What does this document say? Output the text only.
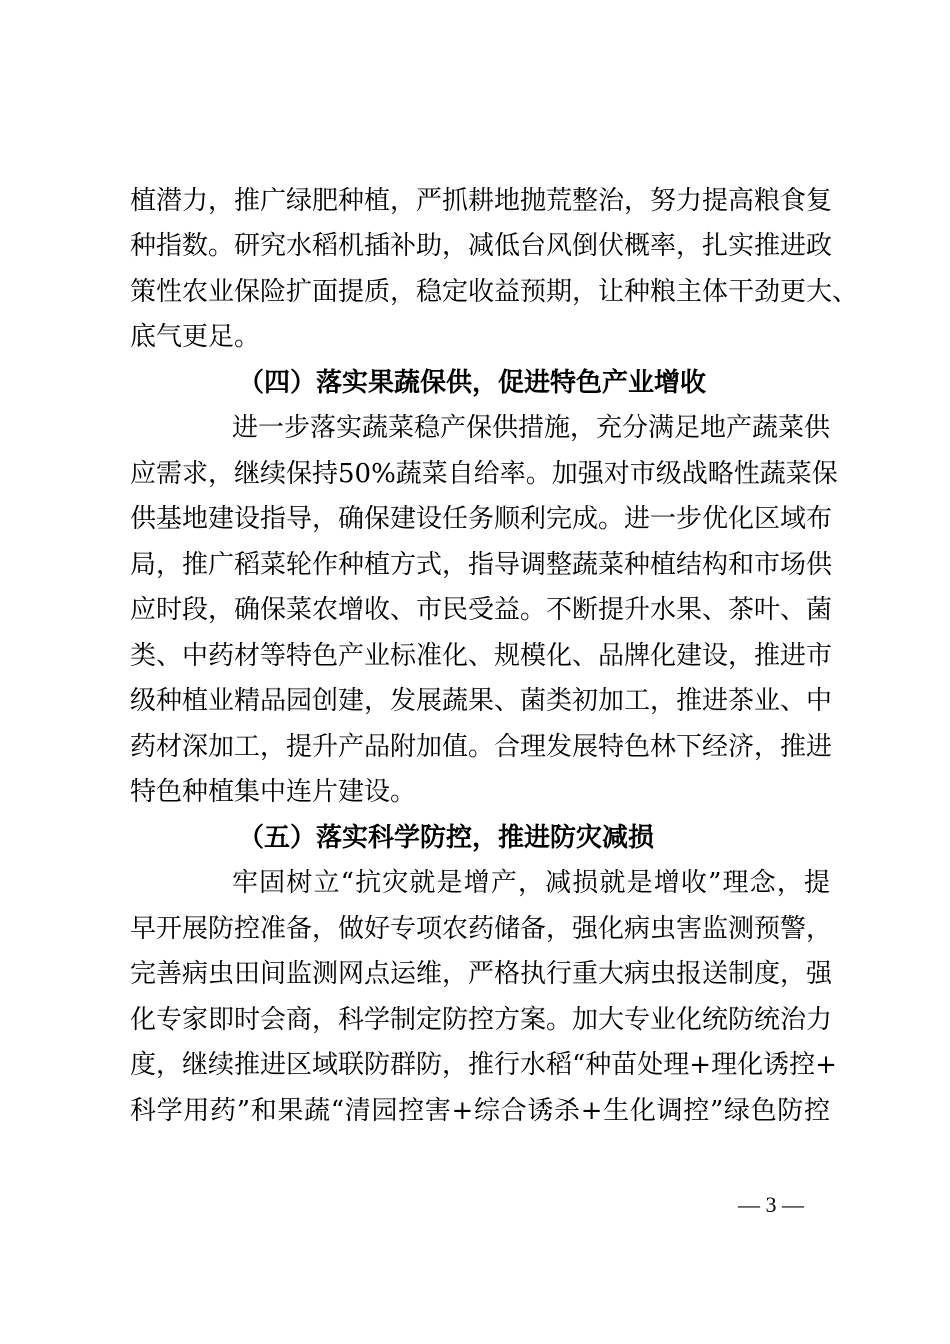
植潜力，推广绿肥种植，严抓耕地抛荒整治，努力提高粮食复
种指数。研究水稻机插补助，减低台风倒伏概率，扎实推进政
策性农业保险扩面提质，稳定收益预期，让种粮主体干劲更大、
底气更足。
（四）落实果蔬保供，促进特色产业增收
进一步落实蔬菜稳产保供措施，充分满足地产蔬菜供
应需求，继续保持50%蔬菜自给率。加强对市级战略性蔬菜保
供基地建设指导，确保建设任务顺利完成。进一步优化区域布
局，推广稻菜轮作种植方式，指导调整蔬菜种植结构和市场供
应时段，确保菜农增收、市民受益。不断提升水果、茶叶、菌
类、中药材等特色产业标准化、规模化、品牌化建设，推进市
级种植业精品园创建，发展蔬果、菌类初加工，推进茶业、中
药材深加工，提升产品附加值。合理发展特色林下经济，推进
特色种植集中连片建设。
（五）落实科学防控，推进防灾减损
牢固树立“抗灾就是增产，减损就是增收”理念，提
早开展防控准备，做好专项农药储备，强化病虫害监测预警，
完善病虫田间监测网点运维，严格执行重大病虫报送制度，强
化专家即时会商，科学制定防控方案。加大专业化统防统治力
度，继续推进区域联防群防，推行水稻“种苗处理+理化诱控+
科学用药”和果蔬“清园控害+综合诱杀+生化调控”绿色防控
— 3 —
